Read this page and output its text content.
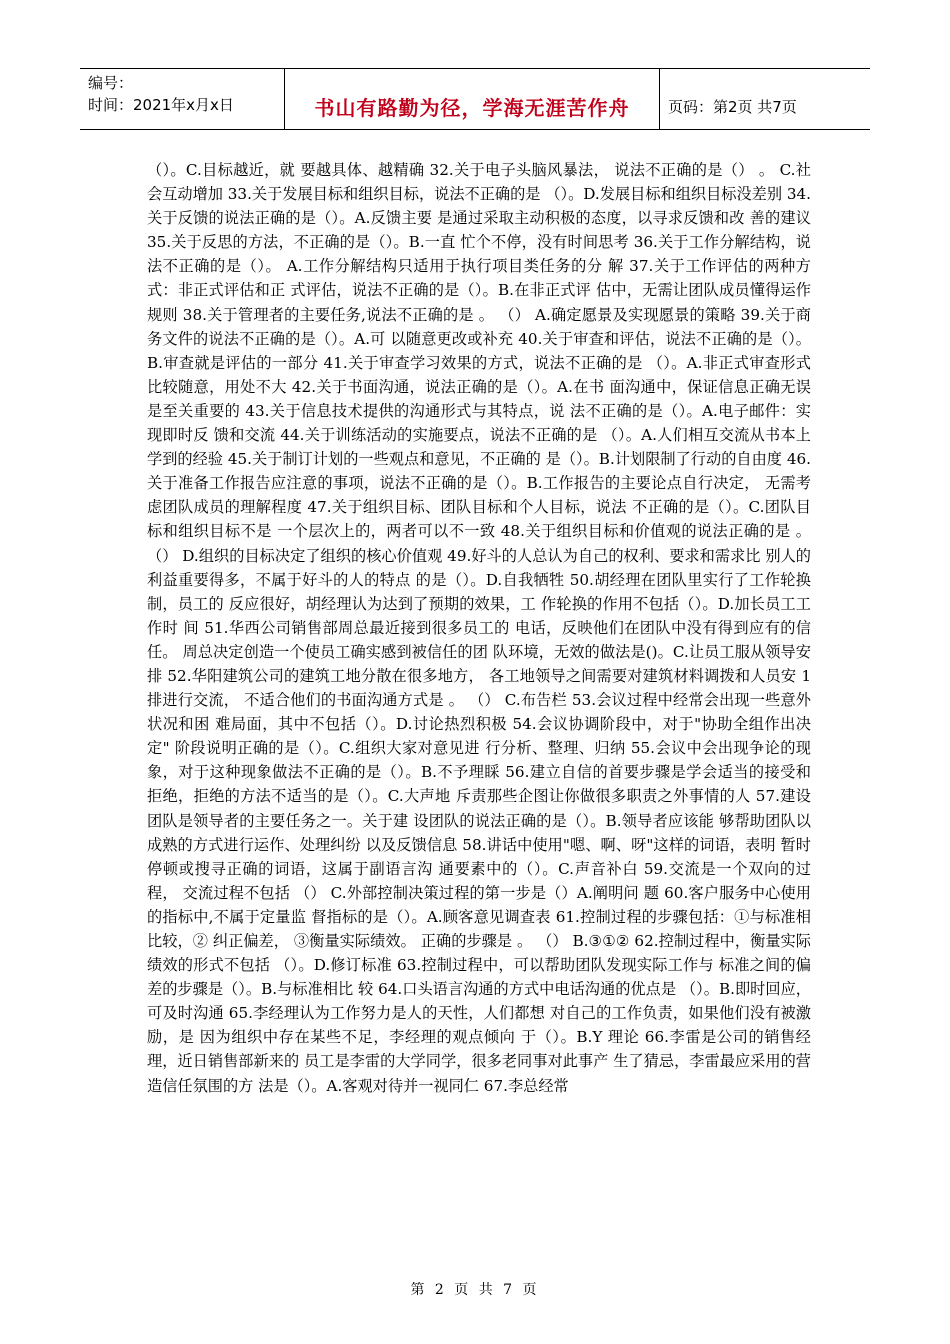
编号：
时间：2021年x月x日	书山有路勤为径，学海无涯苦作舟	页码：第2页 共7页

（）。C.目标越近，就 要越具体、越精确 32.关于电子头脑风暴法， 说法不正确的是（） 。 C.社会互动增加 33.关于发展目标和组织目标，说法不正确的是 （）。D.发展目标和组织目标没差别 34.关于反馈的说法正确的是（）。A.反馈主要 是通过采取主动积极的态度，以寻求反馈和改 善的建议 35.关于反思的方法，不正确的是（）。B.一直 忙个不停，没有时间思考 36.关于工作分解结构，说法不正确的是（）。 A.工作分解结构只适用于执行项目类任务的分 解 37.关于工作评估的两种方式：非正式评估和正 式评估，说法不正确的是（）。B.在非正式评 估中，无需让团队成员懂得运作规则 38.关于管理者的主要任务,说法不正确的是 。 （） A.确定愿景及实现愿景的策略 39.关于商务文件的说法不正确的是（）。A.可 以随意更改或补充 40.关于审查和评估，说法不正确的是（）。B.审查就是评估的一部分 41.关于审查学习效果的方式，说法不正确的是 （）。A.非正式审查形式比较随意，用处不大 42.关于书面沟通，说法正确的是（）。A.在书 面沟通中，保证信息正确无误是至关重要的 43.关于信息技术提供的沟通形式与其特点，说 法不正确的是（）。A.电子邮件：实现即时反 馈和交流 44.关于训练活动的实施要点，说法不正确的是 （）。A.人们相互交流从书本上学到的经验 45.关于制订计划的一些观点和意见，不正确的 是（）。B.计划限制了行动的自由度 46.关于准备工作报告应注意的事项，说法不正确的是（）。B.工作报告的主要论点自行决定， 无需考虑团队成员的理解程度 47.关于组织目标、团队目标和个人目标，说法 不正确的是（）。C.团队目标和组织目标不是 一个层次上的，两者可以不一致 48.关于组织目标和价值观的说法正确的是 。 （） D.组织的目标决定了组织的核心价值观 49.好斗的人总认为自己的权利、要求和需求比 别人的利益重要得多，不属于好斗的人的特点 的是（）。D.自我牺牲 50.胡经理在团队里实行了工作轮换制，员工的 反应很好，胡经理认为达到了预期的效果，工 作轮换的作用不包括（）。D.加长员工工作时 间 51.华西公司销售部周总最近接到很多员工的 电话，反映他们在团队中没有得到应有的信任。 周总决定创造一个使员工确实感到被信任的团 队环境，无效的做法是()。C.让员工服从领导安 排 52.华阳建筑公司的建筑工地分散在很多地方， 各工地领导之间需要对建筑材料调拨和人员安 1排进行交流， 不适合他们的书面沟通方式是 。 （） C.布告栏 53.会议过程中经常会出现一些意外状况和困 难局面，其中不包括（）。D.讨论热烈积极 54.会议协调阶段中，对于"协助全组作出决定" 阶段说明正确的是（）。C.组织大家对意见进 行分析、整理、归纳 55.会议中会出现争论的现象，对于这种现象做法不正确的是（）。B.不予理睬 56.建立自信的首要步骤是学会适当的接受和 拒绝，拒绝的方法不适当的是（）。C.大声地 斥责那些企图让你做很多职责之外事情的人 57.建设团队是领导者的主要任务之一。关于建 设团队的说法正确的是（）。B.领导者应该能 够帮助团队以成熟的方式进行运作、处理纠纷 以及反馈信息 58.讲话中使用"嗯、啊、呀"这样的词语，表明 暂时停顿或搜寻正确的词语，这属于副语言沟 通要素中的（）。C.声音补白 59.交流是一个双向的过程， 交流过程不包括 （） C.外部控制决策过程的第一步是（）A.阐明问 题 60.客户服务中心使用的指标中,不属于定量监 督指标的是（）。A.顾客意见调查表 61.控制过程的步骤包括：①与标准相比较，② 纠正偏差， ③衡量实际绩效。 正确的步骤是 。 （） B.③①② 62.控制过程中，衡量实际绩效的形式不包括 （）。D.修订标准 63.控制过程中，可以帮助团队发现实际工作与 标准之间的偏差的步骤是（）。B.与标准相比 较 64.口头语言沟通的方式中电话沟通的优点是 （）。B.即时回应，可及时沟通 65.李经理认为工作努力是人的天性，人们都想 对自己的工作负责，如果他们没有被激励，是 因为组织中存在某些不足，李经理的观点倾向 于（）。B.Y 理论 66.李雷是公司的销售经理，近日销售部新来的 员工是李雷的大学同学，很多老同事对此事产 生了猜忌，李雷最应采用的营造信任氛围的方 法是（）。A.客观对待并一视同仁 67.李总经常

第 2 页 共 7 页
